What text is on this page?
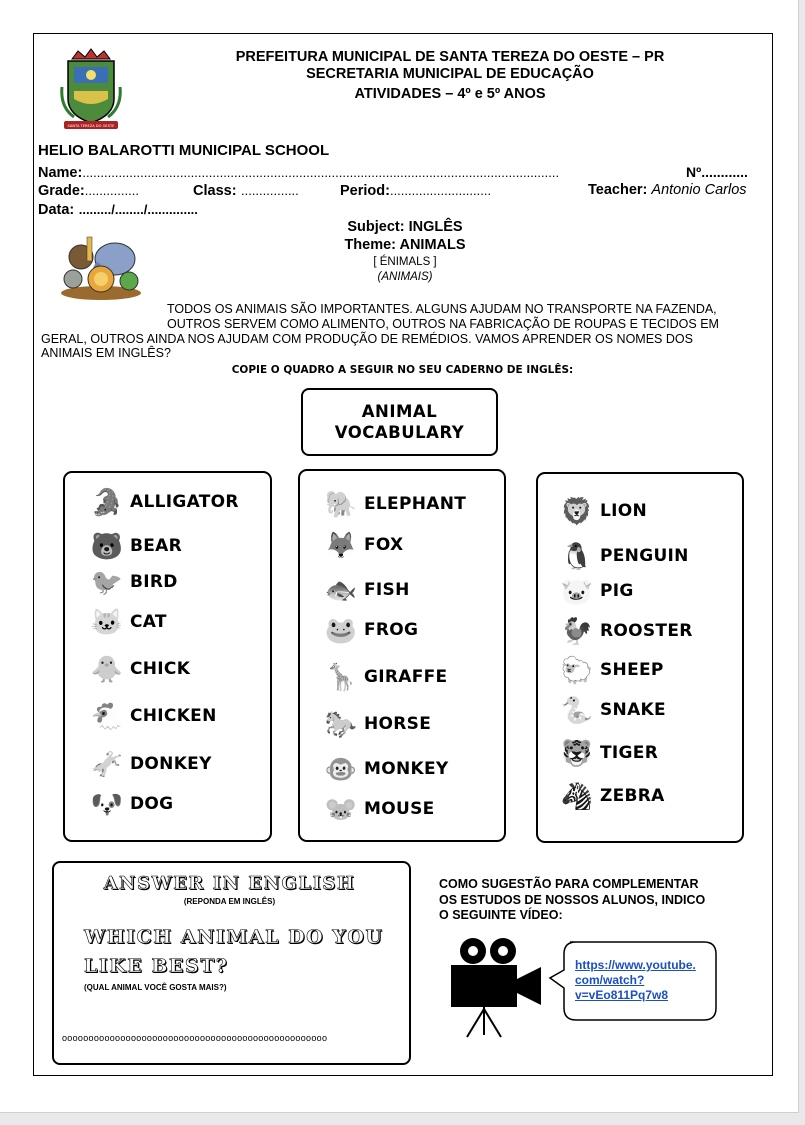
SANTA TEREZA DO OESTE
PREFEITURA MUNICIPAL DE SANTA TEREZA DO OESTE – PR
SECRETARIA MUNICIPAL DE EDUCAÇÃO
ATIVIDADES – 4º e 5º ANOS
HELIO BALAROTTI MUNICIPAL SCHOOL
Name:....................................................................................................................................	Nº............
Grade:...............	Class: ................	Period:............................	Teacher: Antonio Carlos
Data: ........./......../..............
Subject: INGLÊS
Theme: ANIMALS
[ ÉNIMALS ]
(ANIMAIS)
TODOS OS ANIMAIS SÃO IMPORTANTES. ALGUNS AJUDAM NO TRANSPORTE NA FAZENDA,
OUTROS SERVEM COMO ALIMENTO, OUTROS NA FABRICAÇÃO DE ROUPAS E TECIDOS EM
GERAL, OUTROS AINDA NOS AJUDAM COM PRODUÇÃO DE REMÉDIOS. VAMOS APRENDER OS NOMES DOS
ANIMAIS EM INGLÊS?
COPIE O QUADRO A SEGUIR NO SEU CADERNO DE INGLÊS:
ANIMAL
VOCABULARY
🐊 ALLIGATOR
🐻 BEAR
🐦 BIRD
🐱 CAT
🐥 CHICK
🐔 CHICKEN
🫏 DONKEY
🐶 DOG
🐘 ELEPHANT
🦊 FOX
🐟 FISH
🐸 FROG
🦒 GIRAFFE
🐎 HORSE
🐵 MONKEY
🐭 MOUSE
🦁 LION
🐧 PENGUIN
🐷 PIG
🐓 ROOSTER
🐑 SHEEP
🐍 SNAKE
🐯 TIGER
🦓 ZEBRA
ANSWER IN ENGLISH
(REPONDA EM INGLÊS)
WHICH ANIMAL DO YOU
LIKE BEST?
(QUAL ANIMAL VOCÊ GOSTA MAIS?)
oooooooooooooooooooooooooooooooooooooooooooooooooo
COMO SUGESTÃO PARA COMPLEMENTAR
OS ESTUDOS DE NOSSOS ALUNOS, INDICO
O SEGUINTE VÍDEO:
https://www.youtube.
com/watch?
v=vEo811Pq7w8
